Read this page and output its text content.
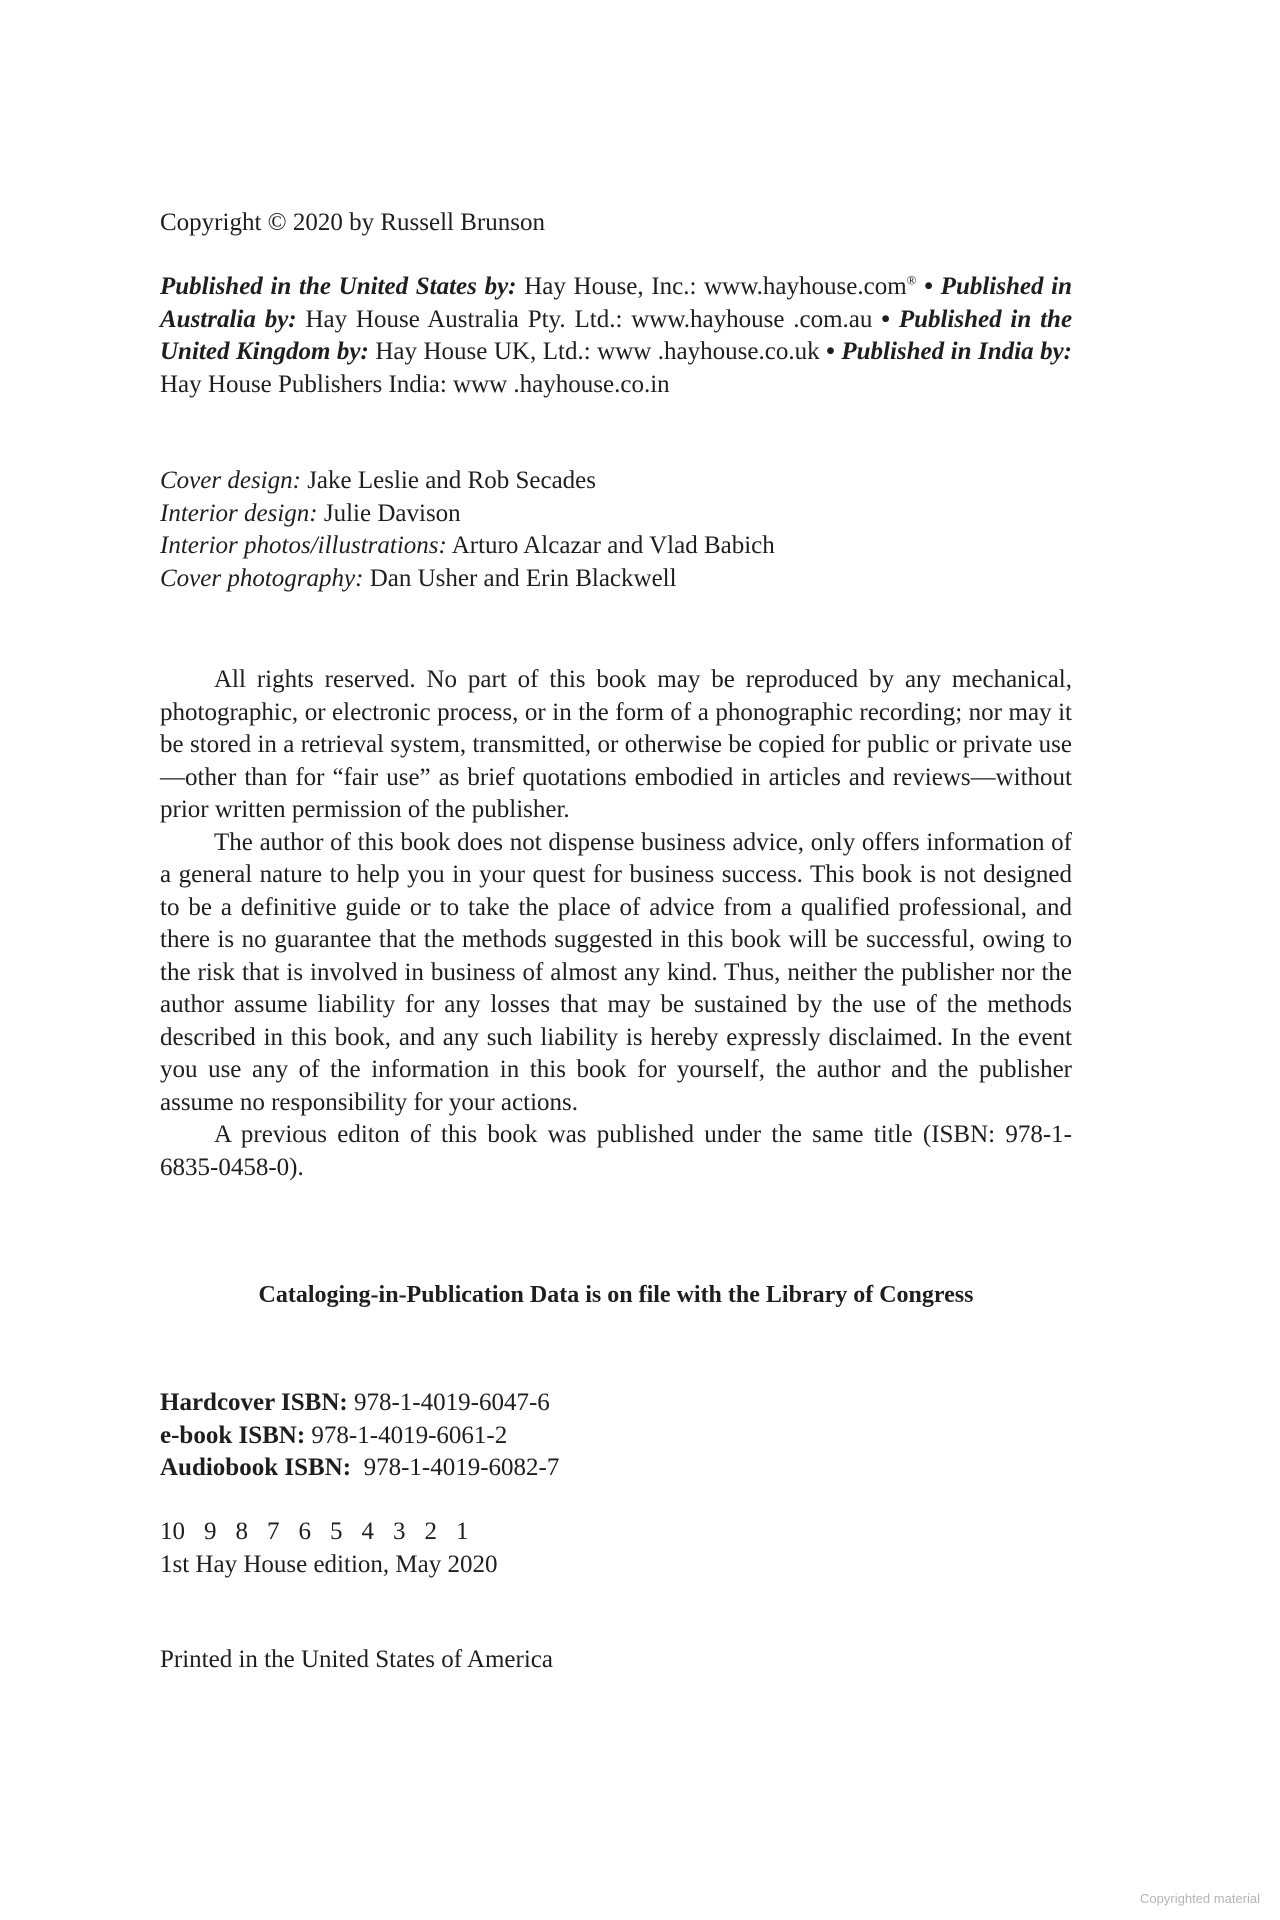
Copyright © 2020 by Russell Brunson
Published in the United States by: Hay House, Inc.: www.hayhouse.com® • Published in Australia by: Hay House Australia Pty. Ltd.: www.hayhouse .com.au • Published in the United Kingdom by: Hay House UK, Ltd.: www .hayhouse.co.uk • Published in India by: Hay House Publishers India: www .hayhouse.co.in
Cover design: Jake Leslie and Rob Secades
Interior design: Julie Davison
Interior photos/illustrations: Arturo Alcazar and Vlad Babich
Cover photography: Dan Usher and Erin Blackwell

All rights reserved. No part of this book may be reproduced by any mechanical, photographic, or electronic process, or in the form of a phonographic recording; nor may it be stored in a retrieval system, transmitted, or otherwise be copied for public or private use—other than for “fair use” as brief quotations embodied in articles and reviews—without prior written permission of the publisher.

The author of this book does not dispense business advice, only offers information of a general nature to help you in your quest for business success. This book is not designed to be a definitive guide or to take the place of advice from a qualified professional, and there is no guarantee that the methods suggested in this book will be successful, owing to the risk that is involved in business of almost any kind. Thus, neither the publisher nor the author assume liability for any losses that may be sustained by the use of the methods described in this book, and any such liability is hereby expressly disclaimed. In the event you use any of the information in this book for yourself, the author and the publisher assume no responsibility for your actions.

A previous editon of this book was published under the same title (ISBN: 978-1-6835-0458-0).

Cataloging-in-Publication Data is on file with the Library of Congress
Hardcover ISBN: 978-1-4019-6047-6
e-book ISBN: 978-1-4019-6061-2
Audiobook ISBN: 978-1-4019-6082-7
10 9 8 7 6 5 4 3 2 1
1st Hay House edition, May 2020
Printed in the United States of America
Copyrighted material
